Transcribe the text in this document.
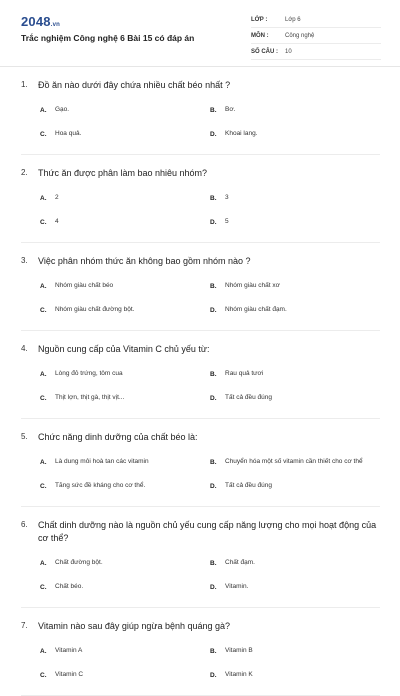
2048.vn
Trắc nghiệm Công nghệ 6 Bài 15 có đáp án
LỚP :	Lớp 6
MÔN :	Công nghệ
SỐ CÂU :	10
1.	Đồ ăn nào dưới đây chứa nhiều chất béo nhất ?
A.	Gạo.	B.	Bơ.
C.	Hoa quả.	D.	Khoai lang.
2.	Thức ăn được phân làm bao nhiêu nhóm?
A.	2	B.	3
C.	4	D.	5
3.	Việc phân nhóm thức ăn không bao gồm nhóm nào ?
A.	Nhóm giàu chất béo	B.	Nhóm giàu chất xơ
C.	Nhóm giàu chất đường bột.	D.	Nhóm giàu chất đạm.
4.	Nguồn cung cấp của Vitamin C chủ yếu từ:
A.	Lòng đỏ trứng, tôm cua	B.	Rau quả tươi
C.	Thịt lợn, thịt gà, thịt vịt...	D.	Tất cả đều đúng
5.	Chức năng dinh dưỡng của chất béo là:
A.	Là dung môi hoà tan các vitamin	B.	Chuyển hóa một số vitamin cần thiết cho cơ thể
C.	Tăng sức đề kháng cho cơ thể.	D.	Tất cả đều đúng
6.	Chất dinh dưỡng nào là nguồn chủ yếu cung cấp năng lượng cho mọi hoạt động của cơ thể?
A.	Chất đường bột.	B.	Chất đạm.
C.	Chất béo.	D.	Vitamin.
7.	Vitamin nào sau đây giúp ngừa bệnh quáng gà?
A.	Vitamin A	B.	Vitamin B
C.	Vitamin C	D.	Vitamin K
